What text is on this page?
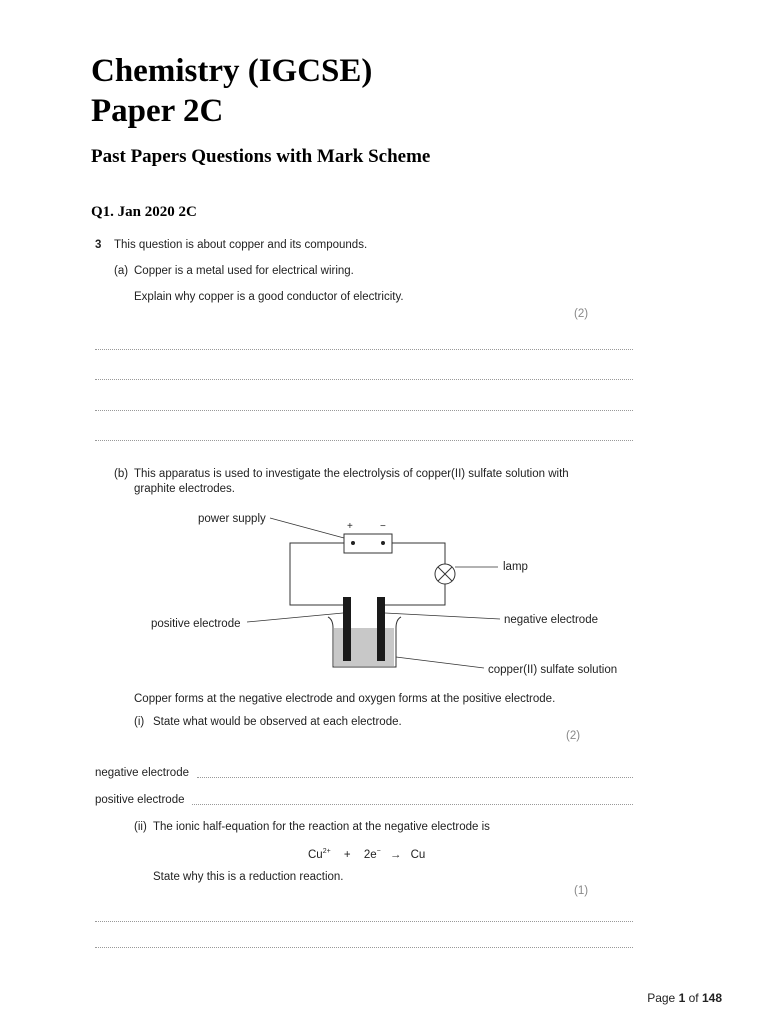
Chemistry (IGCSE)
Paper 2C
Past Papers Questions with Mark Scheme
Q1. Jan 2020 2C
3 This question is about copper and its compounds.
(a) Copper is a metal used for electrical wiring.
Explain why copper is a good conductor of electricity.
(2)
(b) This apparatus is used to investigate the electrolysis of copper(II) sulfate solution with
graphite electrodes.
+	−
power supply
lamp
positive electrode	negative electrode
copper(II) sulfate solution
Copper forms at the negative electrode and oxygen forms at the positive electrode.
(i) State what would be observed at each electrode.
(2)
negative electrode
positive electrode
(ii) The ionic half-equation for the reaction at the negative electrode is
$Cu^{2+} + 2e^- \to Cu$
State why this is a reduction reaction.
(1)
Page 1 of 148
